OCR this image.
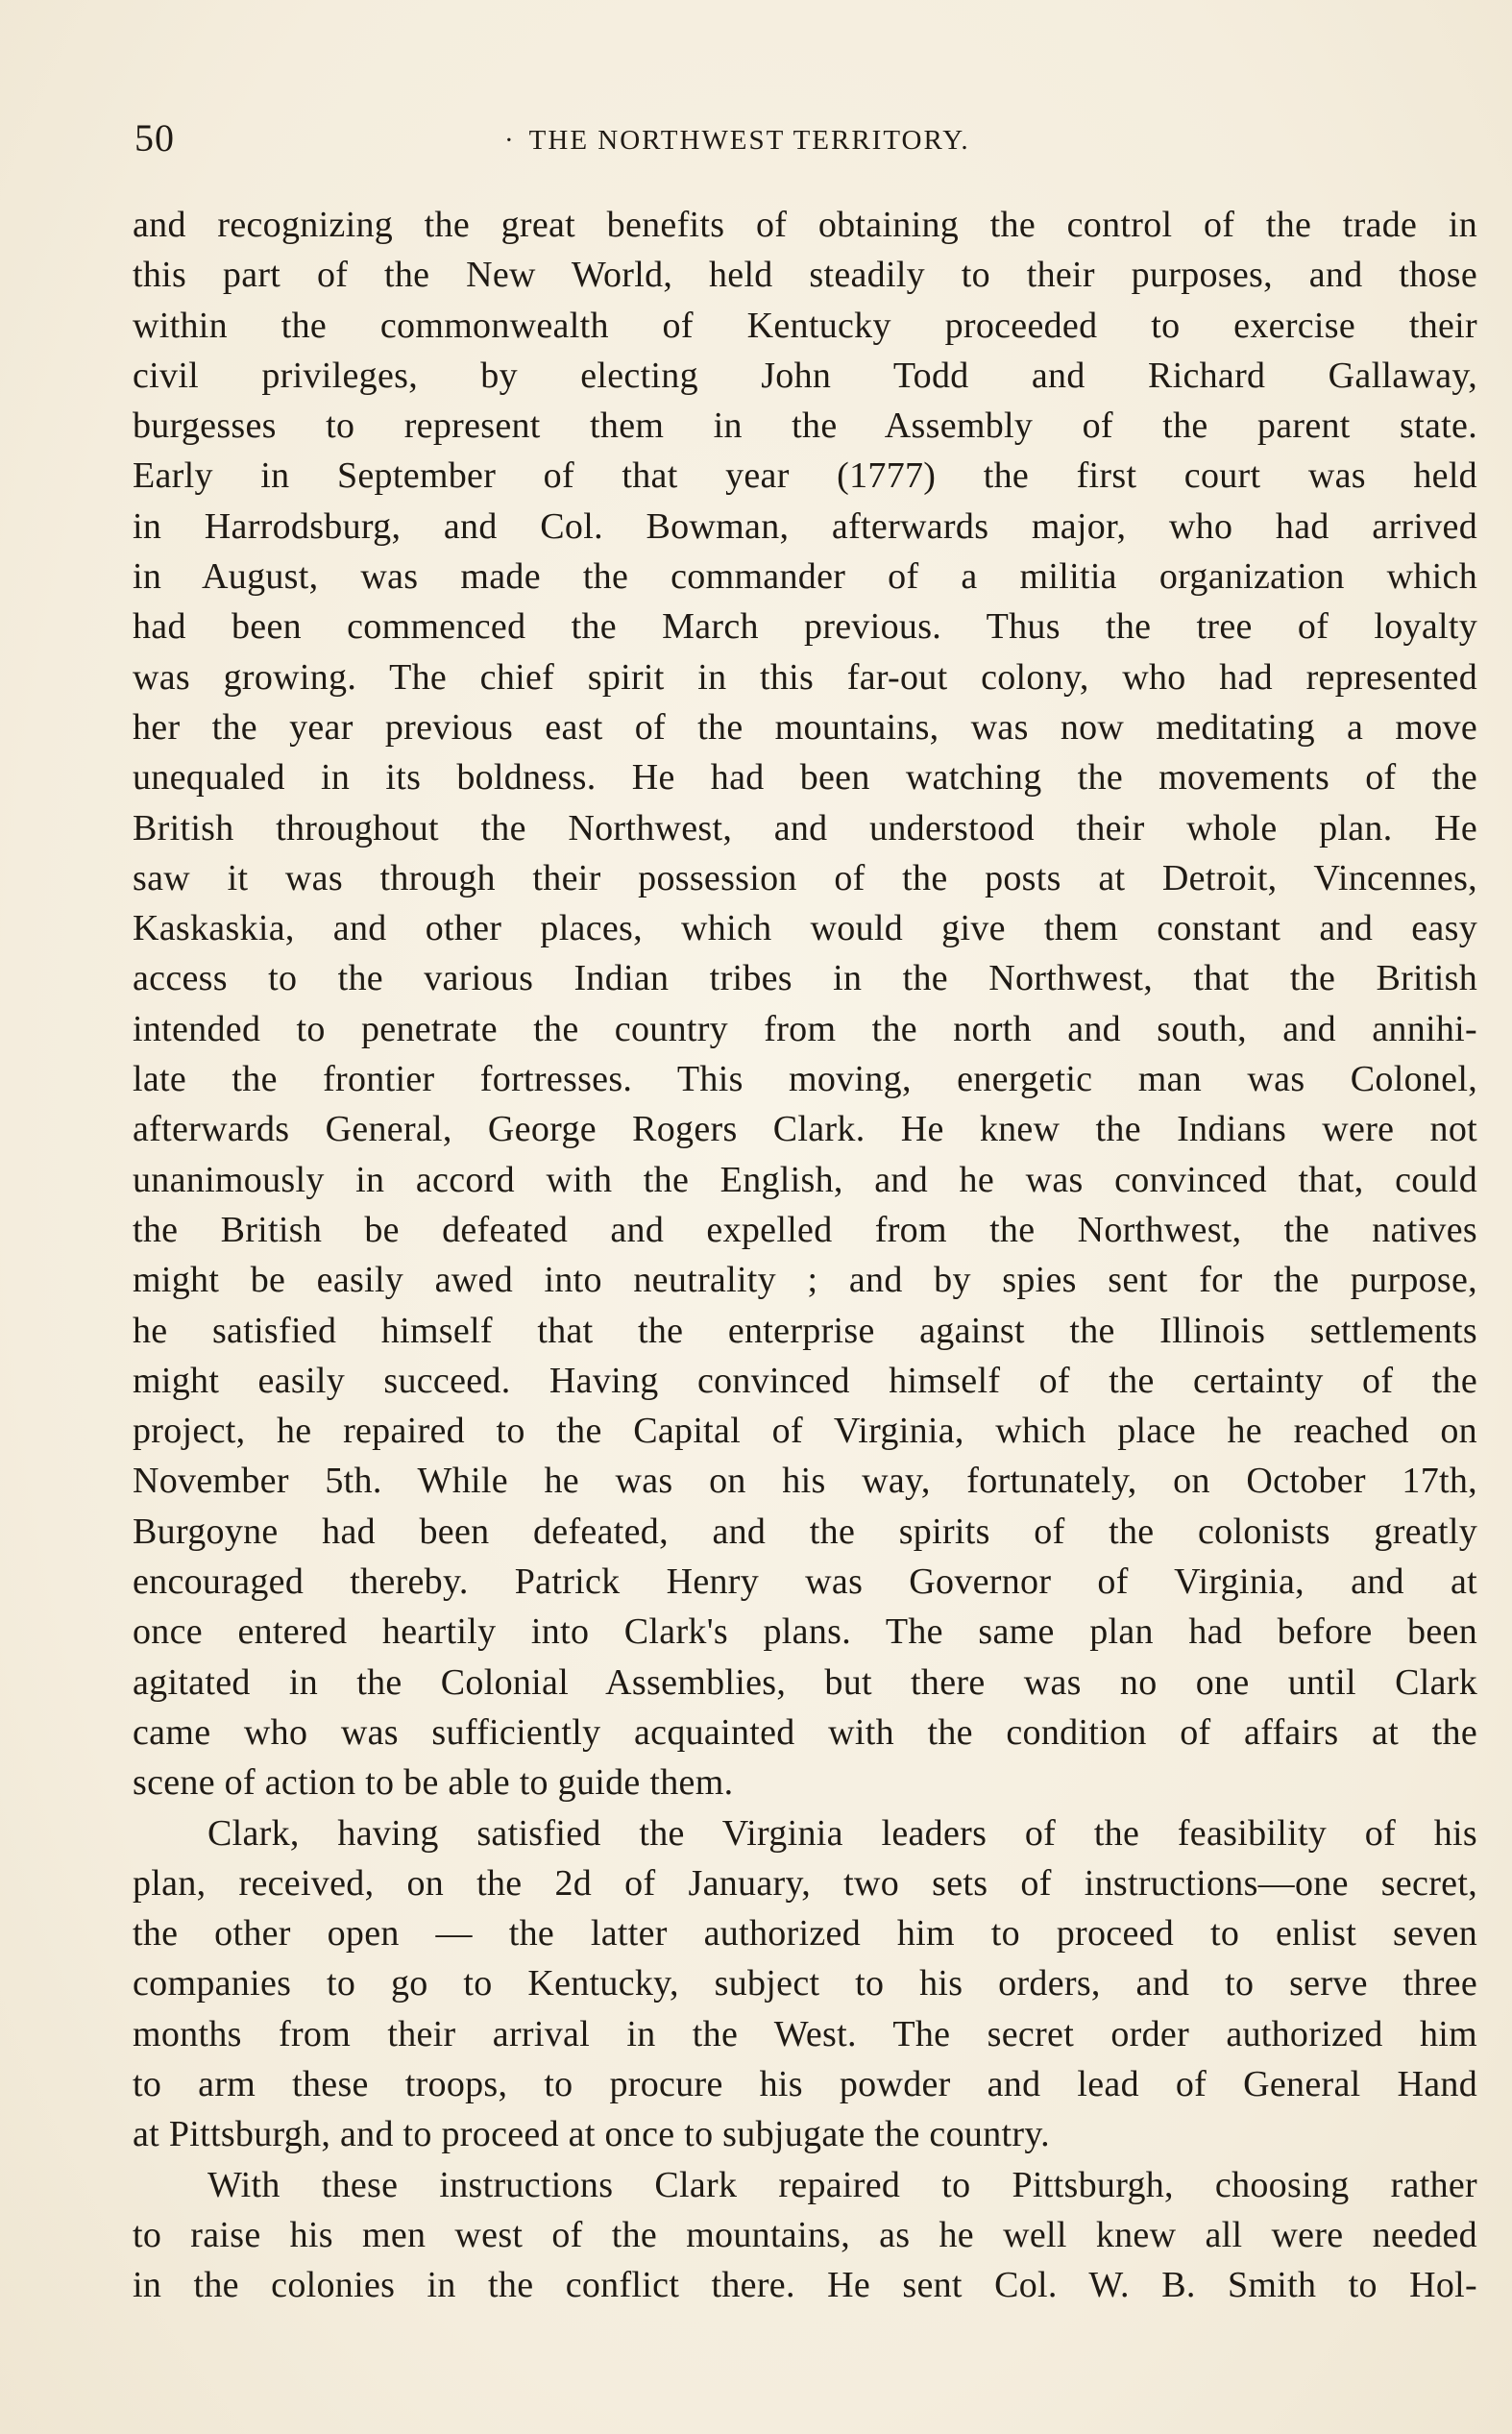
50	· THE NORTHWEST TERRITORY.

and recognizing the great benefits of obtaining the control of the trade in
this part of the New World, held steadily to their purposes, and those
within the commonwealth of Kentucky proceeded to exercise their
civil privileges, by electing John Todd and Richard Gallaway,
burgesses to represent them in the Assembly of the parent state.
Early in September of that year (1777) the first court was held
in Harrodsburg, and Col. Bowman, afterwards major, who had arrived
in August, was made the commander of a militia organization which
had been commenced the March previous. Thus the tree of loyalty
was growing. The chief spirit in this far-out colony, who had represented
her the year previous east of the mountains, was now meditating a move
unequaled in its boldness. He had been watching the movements of the
British throughout the Northwest, and understood their whole plan. He
saw it was through their possession of the posts at Detroit, Vincennes,
Kaskaskia, and other places, which would give them constant and easy
access to the various Indian tribes in the Northwest, that the British
intended to penetrate the country from the north and south, and annihi-
late the frontier fortresses. This moving, energetic man was Colonel,
afterwards General, George Rogers Clark. He knew the Indians were not
unanimously in accord with the English, and he was convinced that, could
the British be defeated and expelled from the Northwest, the natives
might be easily awed into neutrality ; and by spies sent for the purpose,
he satisfied himself that the enterprise against the Illinois settlements
might easily succeed. Having convinced himself of the certainty of the
project, he repaired to the Capital of Virginia, which place he reached on
November 5th. While he was on his way, fortunately, on October 17th,
Burgoyne had been defeated, and the spirits of the colonists greatly
encouraged thereby. Patrick Henry was Governor of Virginia, and at
once entered heartily into Clark's plans. The same plan had before been
agitated in the Colonial Assemblies, but there was no one until Clark
came who was sufficiently acquainted with the condition of affairs at the
scene of action to be able to guide them.

Clark, having satisfied the Virginia leaders of the feasibility of his
plan, received, on the 2d of January, two sets of instructions—one secret,
the other open — the latter authorized him to proceed to enlist seven
companies to go to Kentucky, subject to his orders, and to serve three
months from their arrival in the West. The secret order authorized him
to arm these troops, to procure his powder and lead of General Hand
at Pittsburgh, and to proceed at once to subjugate the country.

With these instructions Clark repaired to Pittsburgh, choosing rather
to raise his men west of the mountains, as he well knew all were needed
in the colonies in the conflict there. He sent Col. W. B. Smith to Hol-
